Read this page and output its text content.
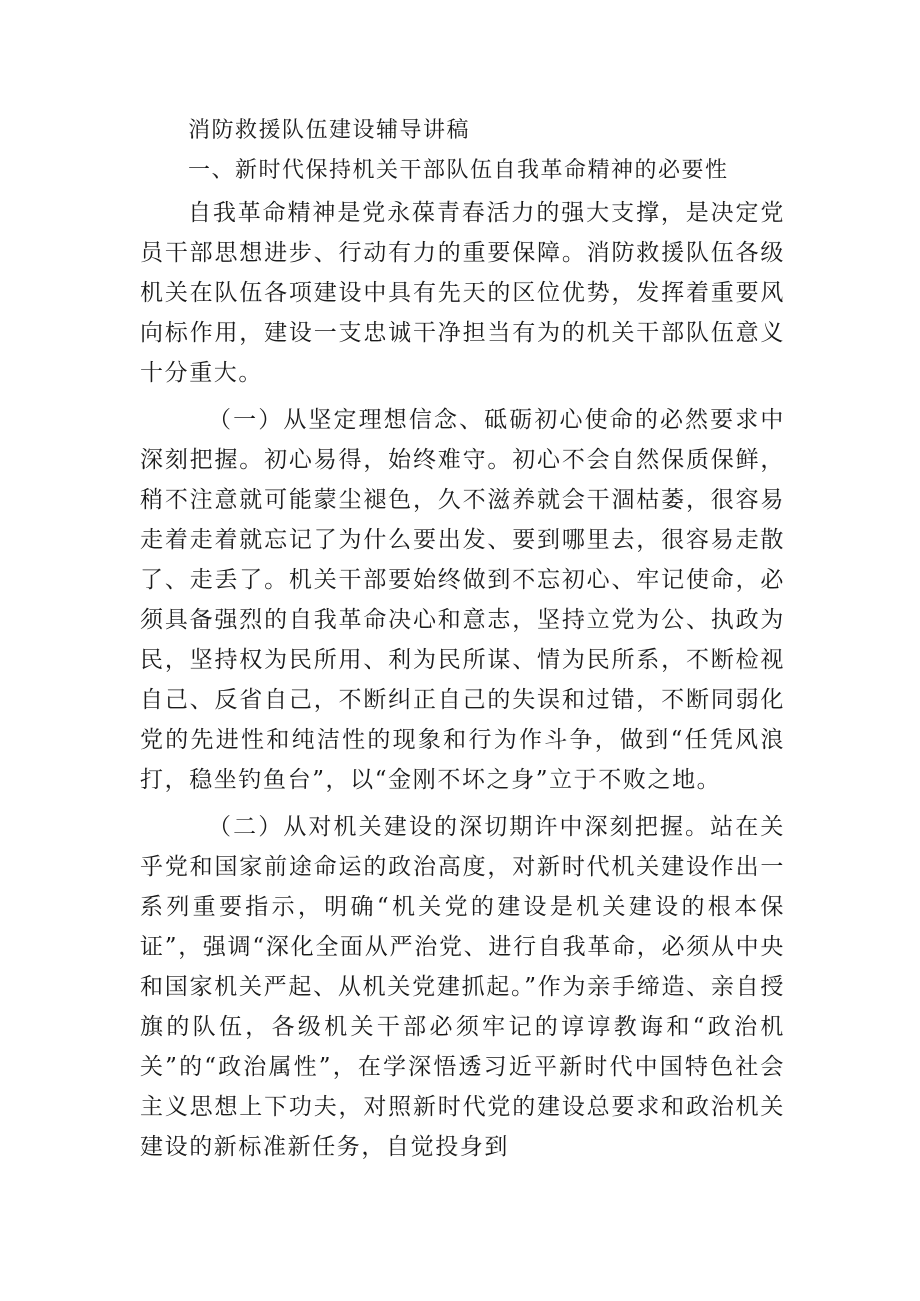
消防救援队伍建设辅导讲稿

一、新时代保持机关干部队伍自我革命精神的必要性

自我革命精神是党永葆青春活力的强大支撑，是决定党员干部思想进步、行动有力的重要保障。消防救援队伍各级机关在队伍各项建设中具有先天的区位优势，发挥着重要风向标作用，建设一支忠诚干净担当有为的机关干部队伍意义十分重大。

（一）从坚定理想信念、砥砺初心使命的必然要求中深刻把握。初心易得，始终难守。初心不会自然保质保鲜，稍不注意就可能蒙尘褪色，久不滋养就会干涸枯萎，很容易走着走着就忘记了为什么要出发、要到哪里去，很容易走散了、走丢了。机关干部要始终做到不忘初心、牢记使命，必须具备强烈的自我革命决心和意志，坚持立党为公、执政为民，坚持权为民所用、利为民所谋、情为民所系，不断检视自己、反省自己，不断纠正自己的失误和过错，不断同弱化党的先进性和纯洁性的现象和行为作斗争，做到“任凭风浪打，稳坐钓鱼台”，以“金刚不坏之身”立于不败之地。

（二）从对机关建设的深切期许中深刻把握。站在关乎党和国家前途命运的政治高度，对新时代机关建设作出一系列重要指示，明确“机关党的建设是机关建设的根本保证”，强调“深化全面从严治党、进行自我革命，必须从中央和国家机关严起、从机关党建抓起。”作为亲手缔造、亲自授旗的队伍，各级机关干部必须牢记的谆谆教诲和“政治机关”的“政治属性”，在学深悟透习近平新时代中国特色社会主义思想上下功夫，对照新时代党的建设总要求和政治机关建设的新标准新任务，自觉投身到
